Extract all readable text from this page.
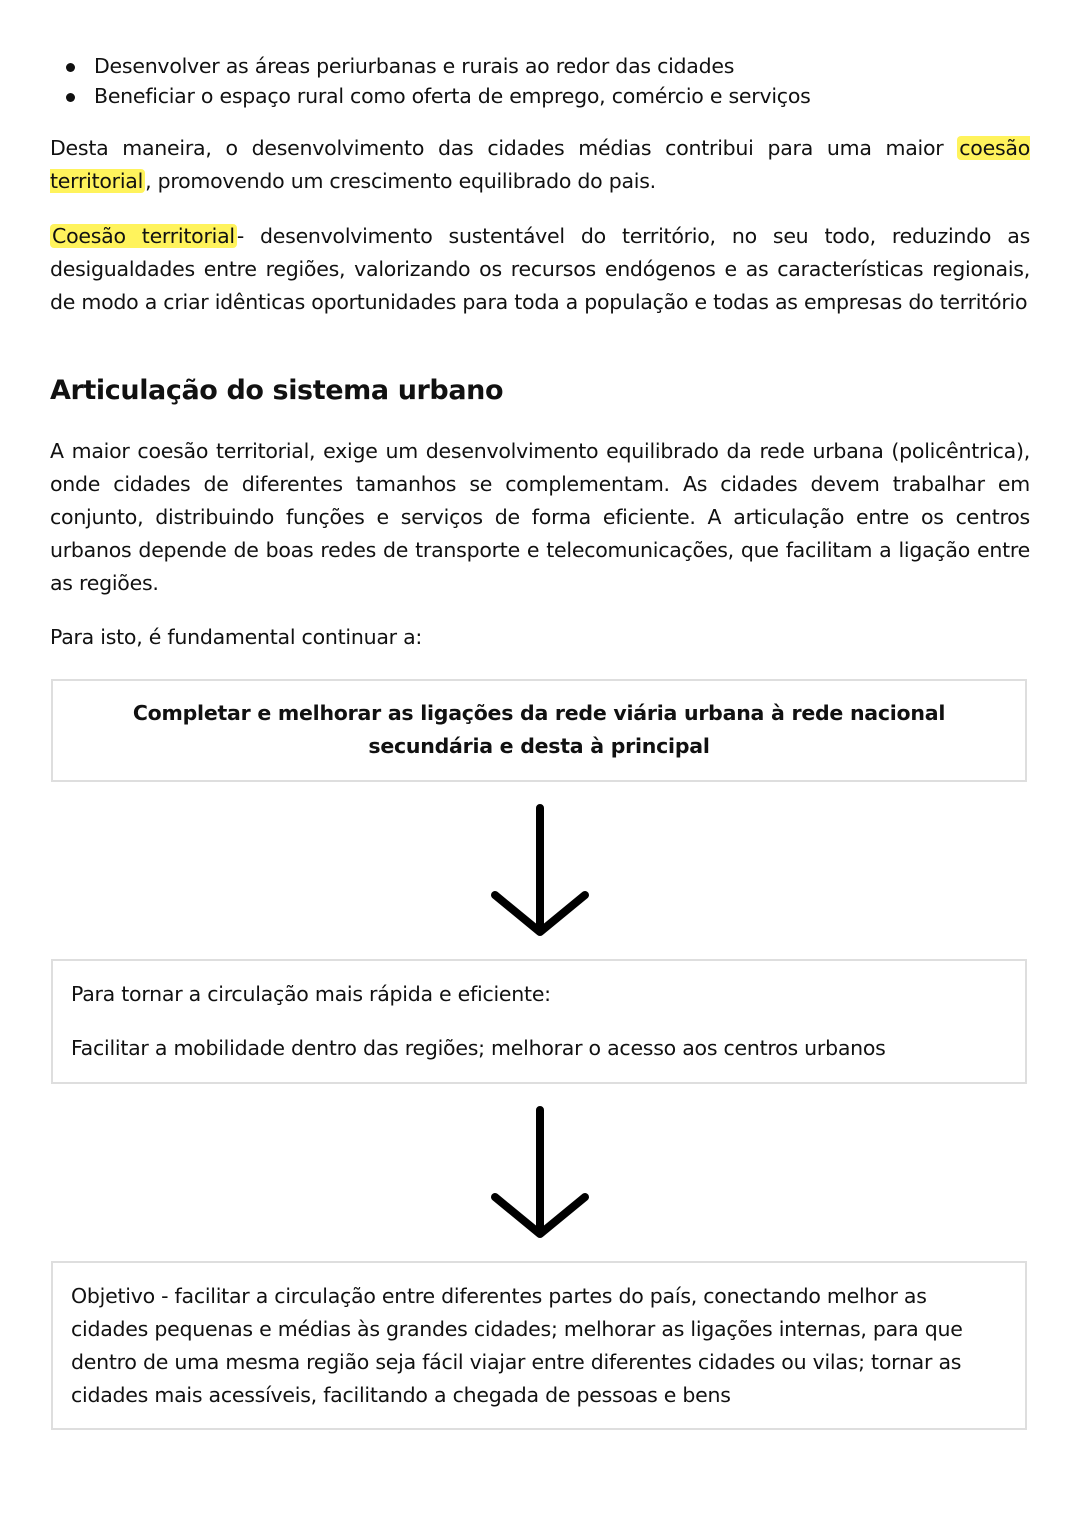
Desenvolver as áreas periurbanas e rurais ao redor das cidades
Beneficiar o espaço rural como oferta de emprego, comércio e serviços

Desta maneira, o desenvolvimento das cidades médias contribui para uma maior coesão territorial, promovendo um crescimento equilibrado do pais.

Coesão territorial- desenvolvimento sustentável do território, no seu todo, reduzindo as desigualdades entre regiões, valorizando os recursos endógenos e as características regionais, de modo a criar idênticas oportunidades para toda a população e todas as empresas do território

Articulação do sistema urbano

A maior coesão territorial, exige um desenvolvimento equilibrado da rede urbana (policêntrica), onde cidades de diferentes tamanhos se complementam. As cidades devem trabalhar em conjunto, distribuindo funções e serviços de forma eficiente. A articulação entre os centros urbanos depende de boas redes de transporte e telecomunicações, que facilitam a ligação entre as regiões.

Para isto, é fundamental continuar a:

Completar e melhorar as ligações da rede viária urbana à rede nacional secundária e desta à principal
Para tornar a circulação mais rápida e eficiente:
Facilitar a mobilidade dentro das regiões; melhorar o acesso aos centros urbanos
Objetivo - facilitar a circulação entre diferentes partes do país, conectando melhor as cidades pequenas e médias às grandes cidades; melhorar as ligações internas, para que dentro de uma mesma região seja fácil viajar entre diferentes cidades ou vilas; tornar as cidades mais acessíveis, facilitando a chegada de pessoas e bens
